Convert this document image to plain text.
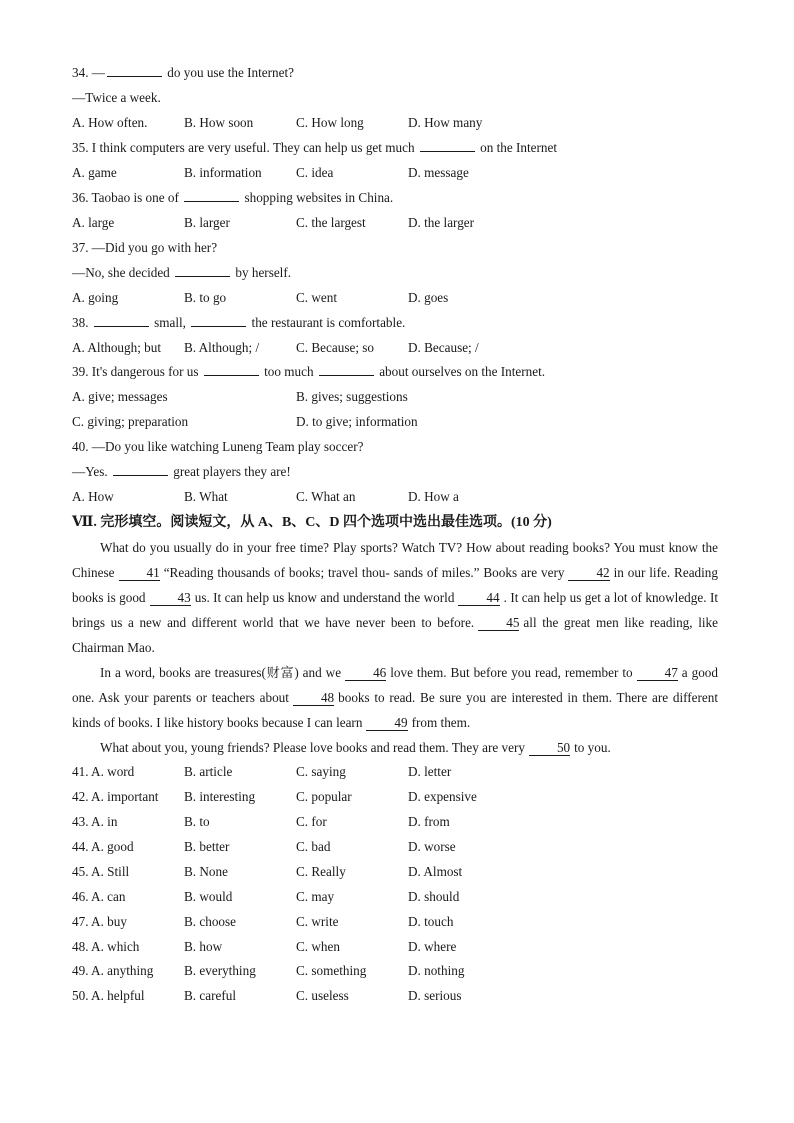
34. —	do you use the Internet?
—Twice a week.
A. How often.	B. How soon	C. How long	D. How many
35. I think computers are very useful. They can help us get much	on the Internet
A. game	B. information	C. idea	D. message
36. Taobao is one of	shopping websites in China.
A. large	B. larger	C. the largest	D. the larger
37. —Did you go with her?
—No, she decided	by herself.
A. going	B. to go	C. went	D. goes
38.	small,	the restaurant is comfortable.
A. Although; but B. Although; /	C. Because; so	D. Because; /
39. It's dangerous for us	too much	about ourselves on the Internet.
A. give; messages	B. gives; suggestions
C. giving; preparation	D. to give; information
40. —Do you like watching Luneng Team play soccer?
—Yes.	great players they are!
A. How	B. What	C. What an	D. How a
Ⅶ. 完形填空。阅读短文，从 A、B、C、D 四个选项中选出最佳选项。(10 分)
What do you usually do in your free time? Play sports? Watch TV? How about reading books? You must know the Chinese 41 “Reading thousands of books; travel thou- sands of miles.” Books are very 42 in our life. Reading books is good 43 us. It can help us know and understand the world 44 . It can help us get a lot of knowledge. It brings us a new and different world that we have never been to before. 45 all the great men like reading, like Chairman Mao.
In a word, books are treasures(财富) and we 46 love them. But before you read, remember to 47 a good one. Ask your parents or teachers about 48 books to read. Be sure you are interested in them. There are different kinds of books. I like history books because I can learn 49 from them.
What about you, young friends? Please love books and read them. They are very 50 to you.
41. A. word	B. article	C. saying	D. letter
42. A. important B. interesting	C. popular	D. expensive
43. A. in	B. to	C. for	D. from
44. A. good	B. better	C. bad	D. worse
45. A. Still	B. None	C. Really	D. Almost
46. A. can	B. would	C. may	D. should
47. A. buy	B. choose	C. write	D. touch
48. A. which	B. how	C. when	D. where
49. A. anything B. everything	C. something	D. nothing
50. A. helpful	B. careful	C. useless	D. serious
